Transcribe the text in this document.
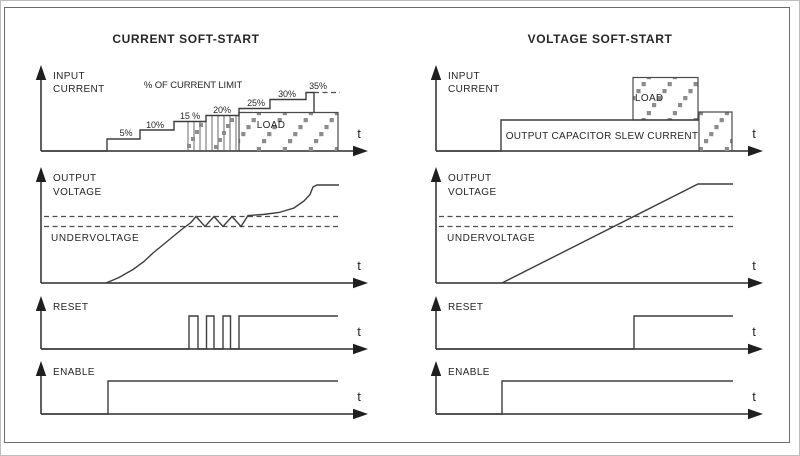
CURRENT SOFT-START
INPUT
CURRENT
t
% OF CURRENT LIMIT
5%
10%
15 %
20%
25%
30%
35%
LOAD
OUTPUT
VOLTAGE
t
UNDERVOLTAGE
RESET
t
ENABLE
t
VOLTAGE SOFT-START
INPUT
CURRENT
t
LOAD
OUTPUT CAPACITOR SLEW CURRENT
OUTPUT
VOLTAGE
t
UNDERVOLTAGE
RESET
t
ENABLE
t
